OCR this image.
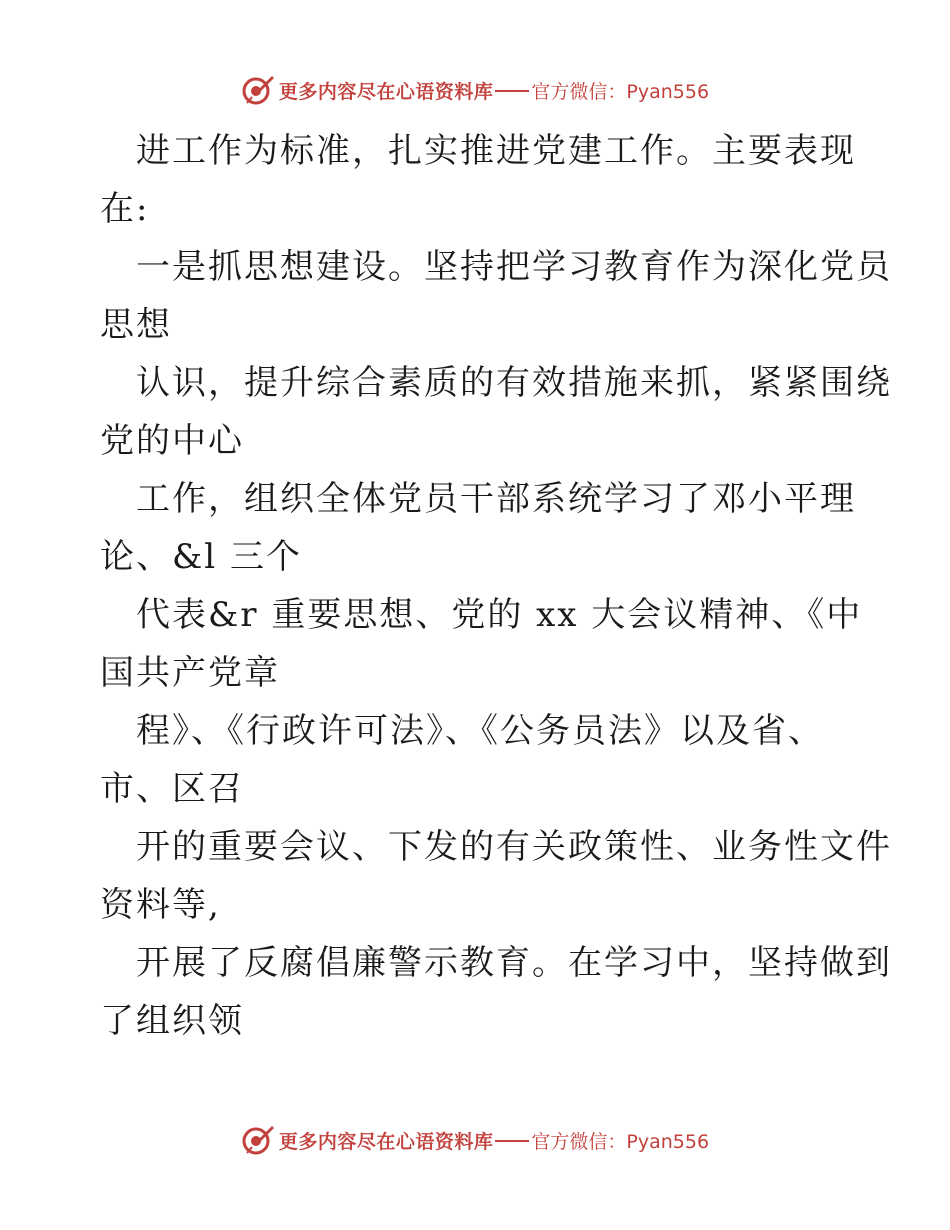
更多内容尽在心语资料库 官方微信：Pyan556
进工作为标准，扎实推进党建工作。主要表现
在:
一是抓思想建设。坚持把学习教育作为深化党员
思想
认识，提升综合素质的有效措施来抓，紧紧围绕
党的中心
工作，组织全体党员干部系统学习了邓小平理
论、&l 三个
代表&r 重要思想、党的 xx 大会议精神、《中
国共产党章
程》、《行政许可法》、《公务员法》以及省、
市、区召
开的重要会议、下发的有关政策性、业务性文件
资料等,
开展了反腐倡廉警示教育。在学习中，坚持做到
了组织领
更多内容尽在心语资料库 官方微信：Pyan556
